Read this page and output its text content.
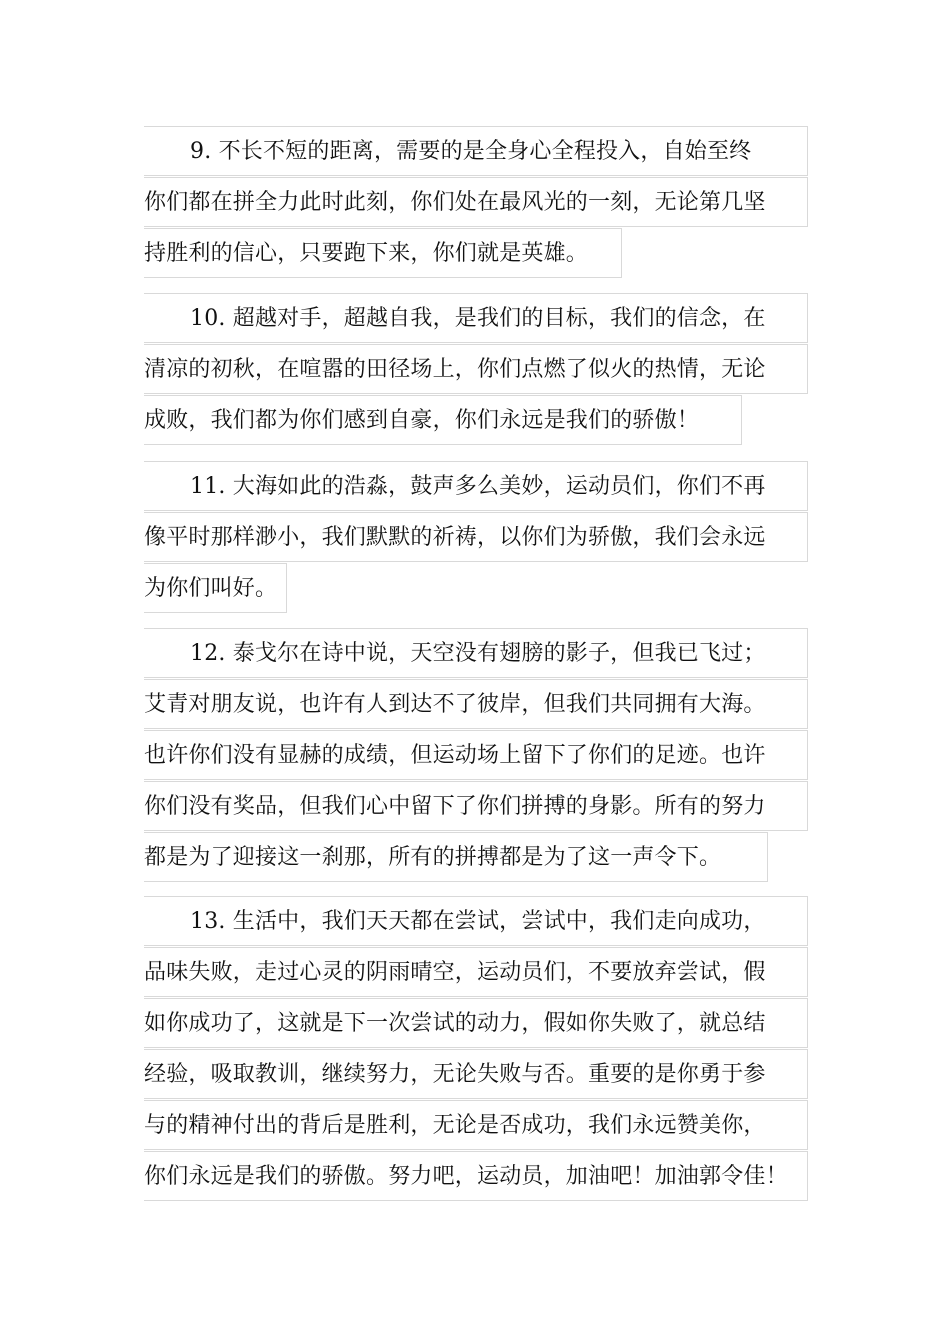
9. 不长不短的距离，需要的是全身心全程投入，自始至终
你们都在拼全力此时此刻，你们处在最风光的一刻，无论第几坚
持胜利的信心，只要跑下来，你们就是英雄。
10. 超越对手，超越自我，是我们的目标，我们的信念，在
清凉的初秋，在喧嚣的田径场上，你们点燃了似火的热情，无论
成败，我们都为你们感到自豪，你们永远是我们的骄傲！
11. 大海如此的浩淼，鼓声多么美妙，运动员们，你们不再
像平时那样渺小，我们默默的祈祷，以你们为骄傲，我们会永远
为你们叫好。
12. 泰戈尔在诗中说，天空没有翅膀的影子，但我已飞过；
艾青对朋友说，也许有人到达不了彼岸，但我们共同拥有大海。
也许你们没有显赫的成绩，但运动场上留下了你们的足迹。也许
你们没有奖品，但我们心中留下了你们拼搏的身影。所有的努力
都是为了迎接这一刹那，所有的拼搏都是为了这一声令下。
13. 生活中，我们天天都在尝试，尝试中，我们走向成功，
品味失败，走过心灵的阴雨晴空，运动员们，不要放弃尝试，假
如你成功了，这就是下一次尝试的动力，假如你失败了，就总结
经验，吸取教训，继续努力，无论失败与否。重要的是你勇于参
与的精神付出的背后是胜利，无论是否成功，我们永远赞美你，
你们永远是我们的骄傲。努力吧，运动员，加油吧！加油郭令佳！
